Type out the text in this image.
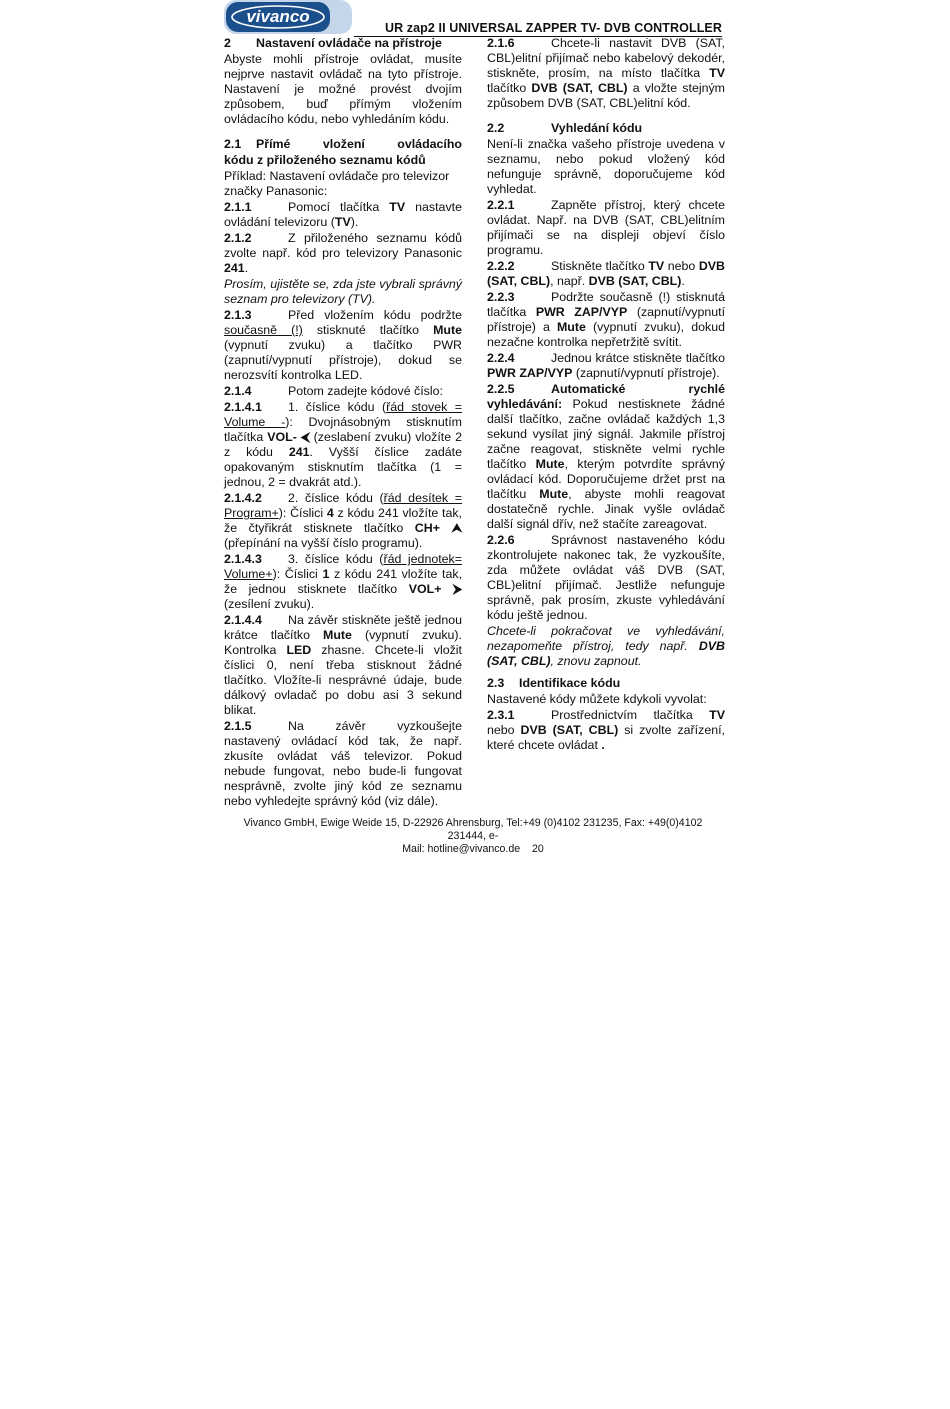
vivanco
UR zap2 II UNIVERSAL ZAPPER TV- DVB CONTROLLER
2 Nastavení ovládače na přístroje
Abyste mohli přístroje ovládat, musíte nejprve nastavit ovládač na tyto přístroje. Nastavení je možné provést dvojím způsobem, buď přímým vložením ovládacího kódu, nebo vyhledáním kódu.
2.1 Přímé vložení ovládacího
kódu z přiloženého seznamu kódů
Příklad: Nastavení ovládače pro televizor značky Panasonic:
2.1.1	Pomocí tlačítka TV nastavte ovládání televizoru (TV).
2.1.2	Z přiloženého seznamu kódů zvolte např. kód pro televizory Panasonic 241.
Prosím, ujistěte se, zda jste vybrali správný seznam pro televizory (TV).
2.1.3	Před vložením kódu podržte současně (!) stisknuté tlačítko Mute (vypnutí zvuku) a tlačítko PWR (zapnutí/vypnutí přístroje), dokud se nerozsvítí kontrolka LED.
2.1.4	Potom zadejte kódové číslo:
2.1.4.1 1. číslice kódu (řád stovek = Volume -): Dvojnásobným stisknutím tlačítka VOL- ⮜ (zeslabení zvuku) vložíte 2 z kódu 241. Vyšší číslice zadáte opakovaným stisknutím tlačítka (1 = jednou, 2 = dvakrát atd.).
2.1.4.2 2. číslice kódu (řád desítek = Program+): Číslici 4 z kódu 241 vložíte tak, že čtyřikrát stisknete tlačítko CH+ ⮝ (přepínání na vyšší číslo programu).
2.1.4.3 3. číslice kódu (řád jednotek= Volume+): Číslici 1 z kódu 241 vložíte tak, že jednou stisknete tlačítko VOL+ ⮞ (zesílení zvuku).
2.1.4.4 Na závěr stiskněte ještě jednou krátce tlačítko Mute (vypnutí zvuku). Kontrolka LED zhasne. Chcete-li vložit číslici 0, není třeba stisknout žádné tlačítko. Vložíte-li nesprávné údaje, bude dálkový ovladač po dobu asi 3 sekund blikat.
2.1.5	Na závěr vyzkoušejte nastavený ovládací kód tak, že např. zkusíte ovládat váš televizor. Pokud nebude fungovat, nebo bude-li fungovat nesprávně, zvolte jiný kód ze seznamu nebo vyhledejte správný kód (viz dále).
2.1.6	Chcete-li nastavit DVB (SAT, CBL)elitní přijímač nebo kabelový dekodér, stiskněte, prosím, na místo tlačítka TV tlačítko DVB (SAT, CBL) a vložte stejným způsobem DVB (SAT, CBL)elitní kód.
2.2	Vyhledání kódu
Není-li značka vašeho přístroje uvedena v seznamu, nebo pokud vložený kód nefunguje správně, doporučujeme kód vyhledat.
2.2.1	Zapněte přístroj, který chcete ovládat. Např. na DVB (SAT, CBL)elitním přijímači se na displeji objeví číslo programu.
2.2.2	Stiskněte tlačítko TV nebo DVB (SAT, CBL), např. DVB (SAT, CBL).
2.2.3	Podržte současně (!) stisknutá tlačítka PWR ZAP/VYP (zapnutí/vypnutí přístroje) a Mute (vypnutí zvuku), dokud nezačne kontrolka nepřetržitě svítit.
2.2.4	Jednou krátce stiskněte tlačítko PWR ZAP/VYP (zapnutí/vypnutí přístroje).
2.2.5	Automatické rychlé vyhledávání: Pokud nestisknete žádné další tlačítko, začne ovládač každých 1,3 sekund vysílat jiný signál. Jakmile přístroj začne reagovat, stiskněte velmi rychle tlačítko Mute, kterým potvrdíte správný ovládací kód. Doporučujeme držet prst na tlačítku Mute, abyste mohli reagovat dostatečně rychle. Jinak vyšle ovládač další signál dřív, než stačíte zareagovat.
2.2.6	Správnost nastaveného kódu zkontrolujete nakonec tak, že vyzkoušíte, zda můžete ovládat váš DVB (SAT, CBL)elitní přijímač. Jestliže nefunguje správně, pak prosím, zkuste vyhledávání kódu ještě jednou.
Chcete-li pokračovat ve vyhledávání, nezapomeňte přístroj, tedy např. DVB (SAT, CBL), znovu zapnout.
2.3 Identifikace kódu
Nastavené kódy můžete kdykoli vyvolat:
2.3.1	Prostřednictvím tlačítka TV nebo DVB (SAT, CBL) si zvolte zařízení, které chcete ovládat .
Vivanco GmbH, Ewige Weide 15, D-22926 Ahrensburg, Tel:+49 (0)4102 231235, Fax: +49(0)4102 231444, e-
Mail: hotline@vivanco.de 20
